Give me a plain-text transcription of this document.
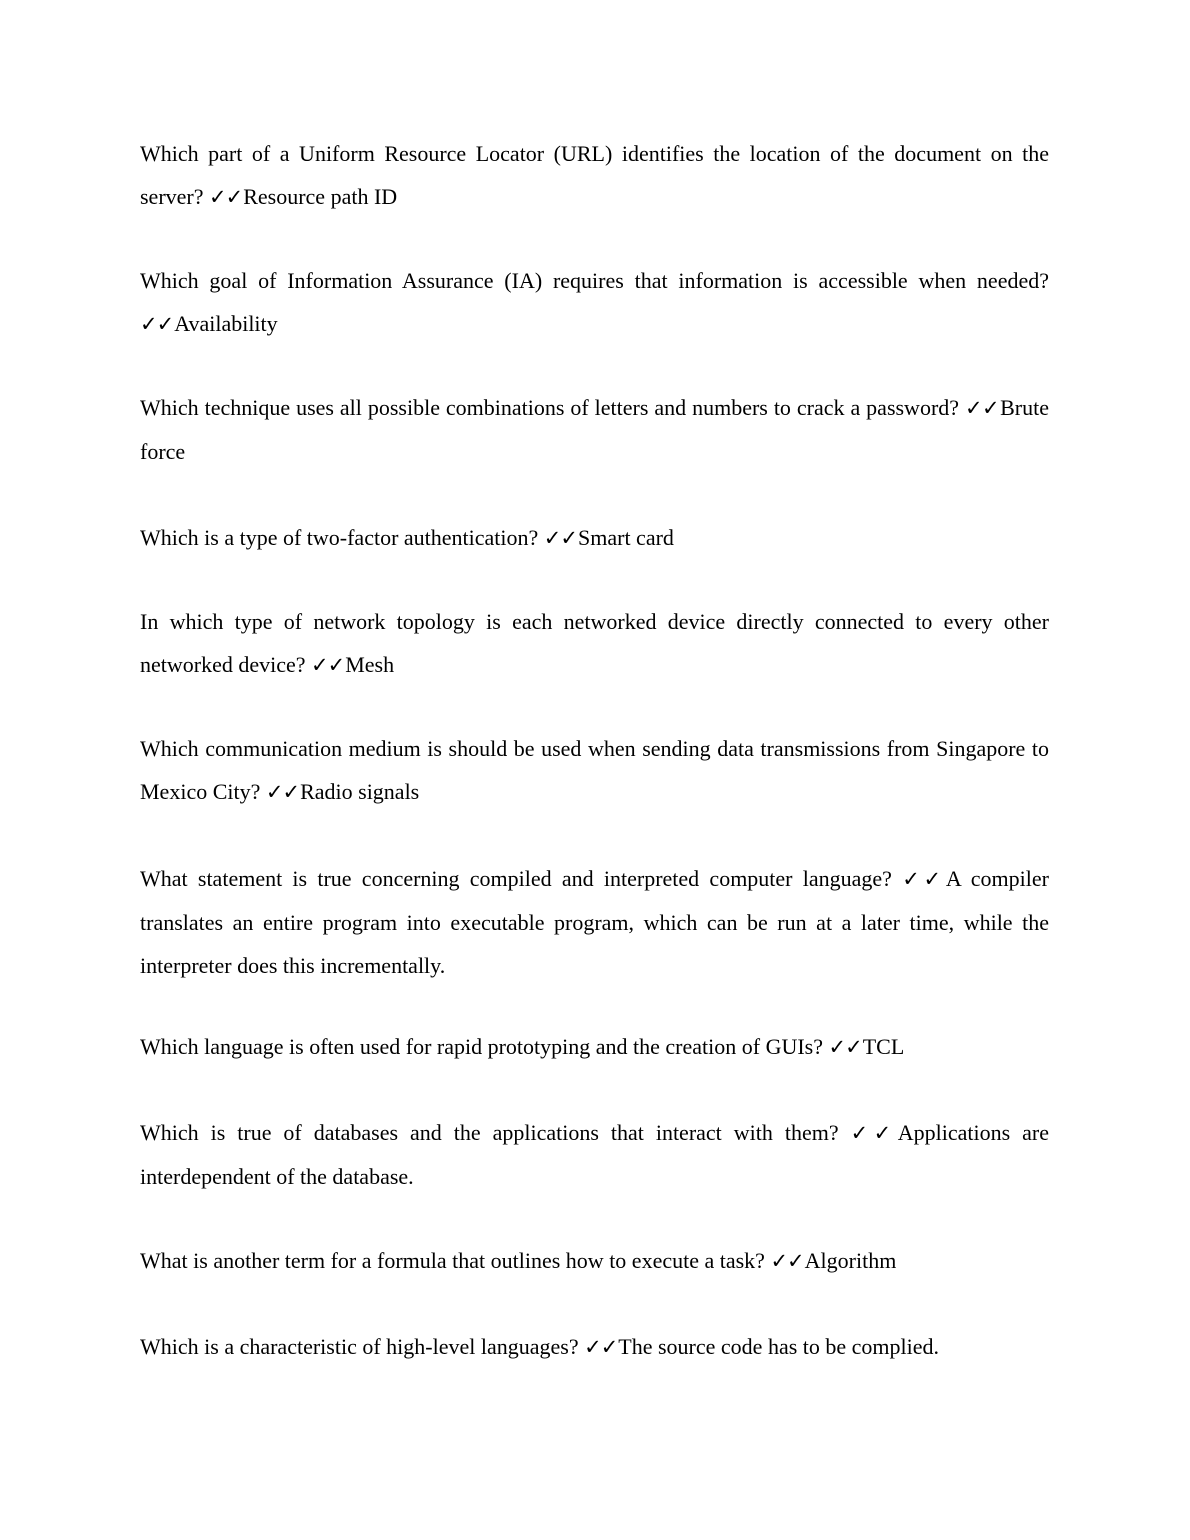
Which part of a Uniform Resource Locator (URL) identifies the location of the document on the server? ✓✓Resource path ID

Which goal of Information Assurance (IA) requires that information is accessible when needed? ✓✓Availability

Which technique uses all possible combinations of letters and numbers to crack a password? ✓✓Brute force

Which is a type of two-factor authentication? ✓✓Smart card

In which type of network topology is each networked device directly connected to every other networked device? ✓✓Mesh

Which communication medium is should be used when sending data transmissions from Singapore to Mexico City? ✓✓Radio signals

What statement is true concerning compiled and interpreted computer language? ✓✓A compiler translates an entire program into executable program, which can be run at a later time, while the interpreter does this incrementally.

Which language is often used for rapid prototyping and the creation of GUIs? ✓✓TCL

Which is true of databases and the applications that interact with them? ✓✓Applications are interdependent of the database.

What is another term for a formula that outlines how to execute a task? ✓✓Algorithm

Which is a characteristic of high-level languages? ✓✓The source code has to be complied.
